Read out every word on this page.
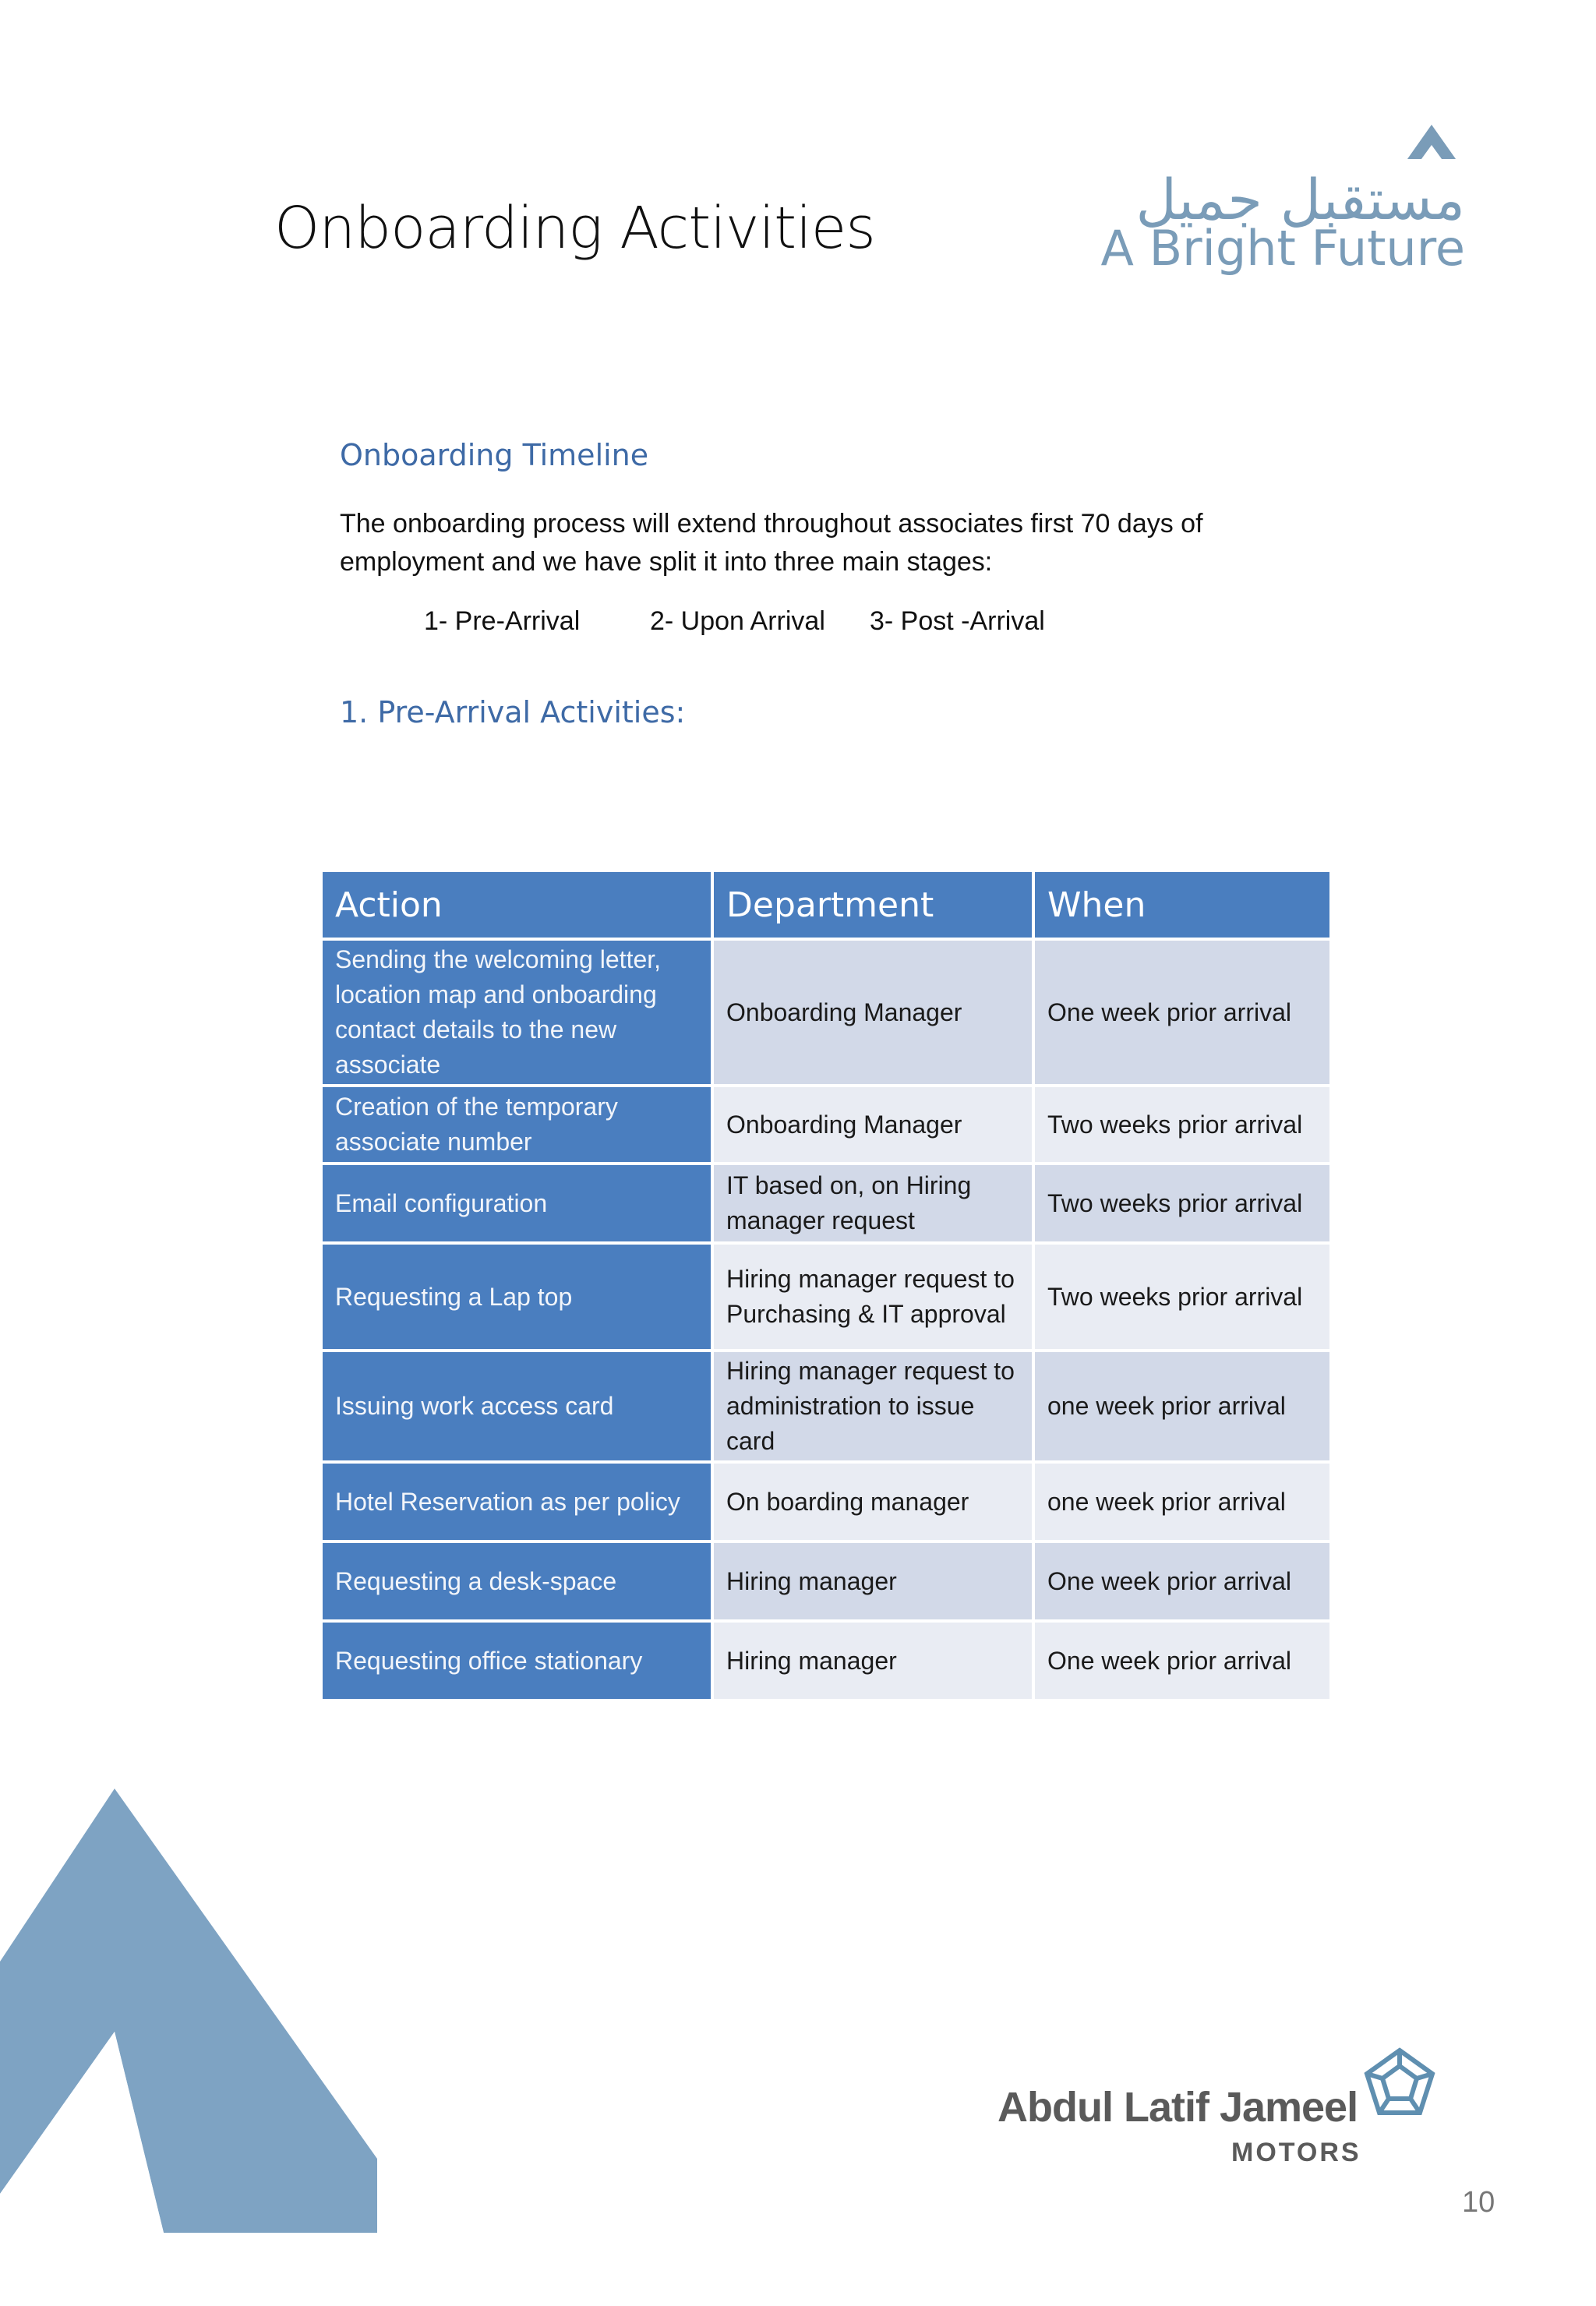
Onboarding Activities	مستقبل جميل
A Bright Future
Onboarding Timeline

The onboarding process will extend throughout associates first 70 days of
employment and we have split it into three main stages:

1- Pre-Arrival	2- Upon Arrival 3- Post -Arrival
1. Pre-Arrival Activities:
Action	Department	When
Sending the welcoming letter, location map and onboarding contact details to the new associate	Onboarding Manager	One week prior arrival
Creation of the temporary associate number	Onboarding Manager	Two weeks prior arrival
Email configuration	IT based on, on Hiring manager request	Two weeks prior arrival
Requesting a Lap top	Hiring manager request to Purchasing & IT approval	Two weeks prior arrival
Issuing work access card	Hiring manager request to administration to issue card	one week prior arrival
Hotel Reservation as per policy	On boarding manager	one week prior arrival
Requesting a desk-space	Hiring manager	One week prior arrival
Requesting office stationary	Hiring manager	One week prior arrival
Abdul Latif Jameel
MOTORS
10
